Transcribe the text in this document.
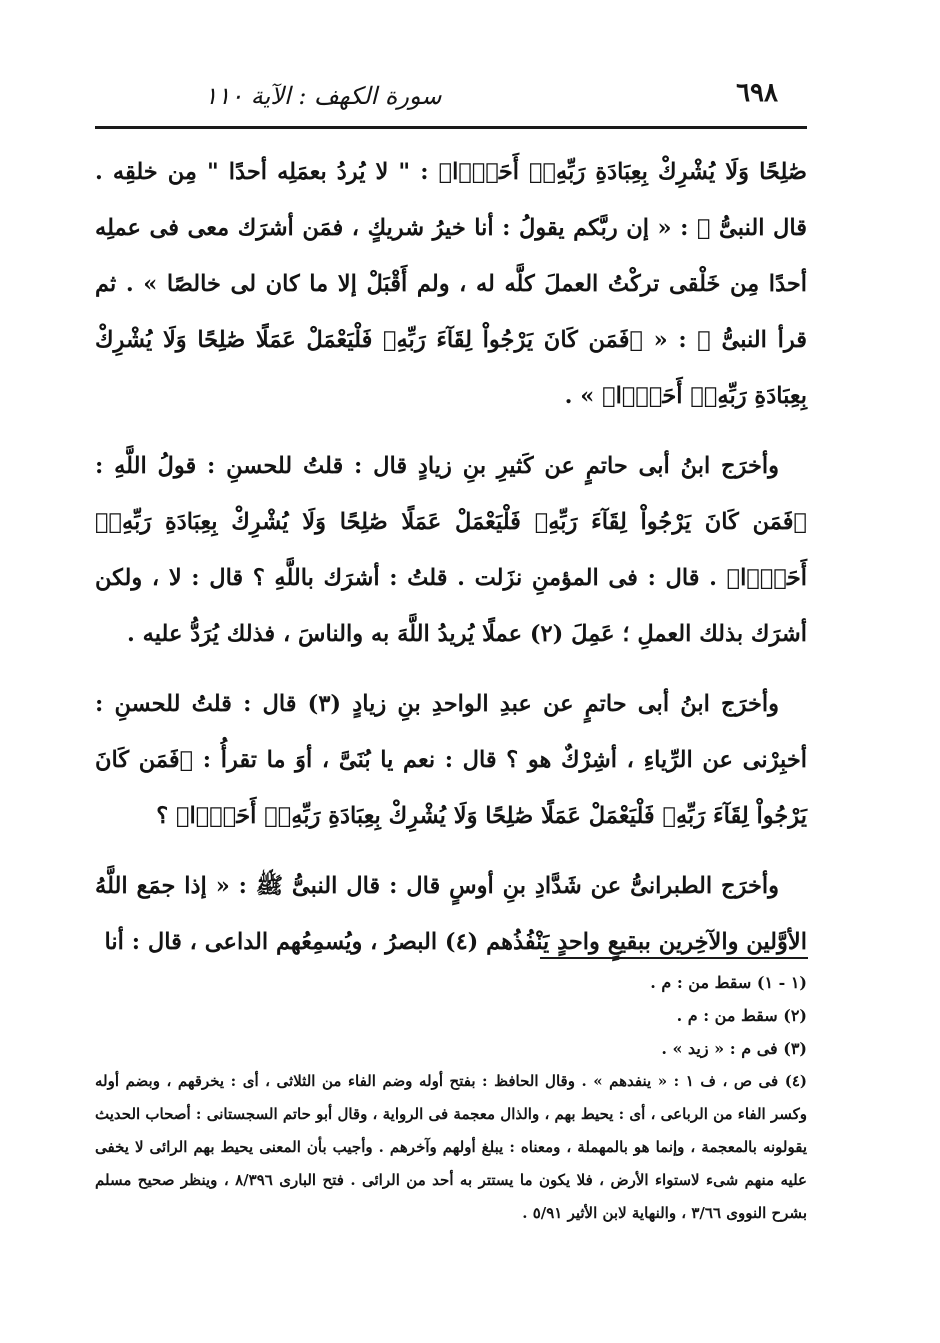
٦٩٨
سورة الكهف : الآية ١١٠

صَٰلِحًا وَلَا يُشْرِكْ بِعِبَادَةِ رَبِّهِۦٓ أَحَدَۢا﴾ : " لا يُردُ بعمَلِه أحدًا " مِن خلقِه . قال النبىُّ ﷺ : « إن ربَّكم يقولُ : أنا خيرُ شريكٍ ، فمَن أشرَك معى فى عملِه أحدًا مِن خَلْقى تركْتُ العملَ كلَّه له ، ولم أَقْبَلْ إلا ما كان لى خالصًا » . ثم قرأ النبىُّ ﷺ : « ﴿فَمَن كَانَ يَرْجُواْ لِقَآءَ رَبِّهِۦ فَلْيَعْمَلْ عَمَلًا صَٰلِحًا وَلَا يُشْرِكْ بِعِبَادَةِ رَبِّهِۦٓ أَحَدَۢا﴾ » .

وأخرَج ابنُ أبى حاتمٍ عن كَثيرِ بنِ زيادٍ قال : قلتُ للحسنِ : قولُ اللَّهِ : ﴿فَمَن كَانَ يَرْجُواْ لِقَآءَ رَبِّهِۦ فَلْيَعْمَلْ عَمَلًا صَٰلِحًا وَلَا يُشْرِكْ بِعِبَادَةِ رَبِّهِۦٓ أَحَدَۢا﴾ . قال : فى المؤمنِ نزَلت . قلتُ : أشرَك باللَّهِ ؟ قال : لا ، ولكن أشرَك بذلك العملِ ؛ عَمِلَ (٢) عملًا يُريدُ اللَّهَ به والناسَ ، فذلك يُرَدُّ عليه .

وأخرَج ابنُ أبى حاتمٍ عن عبدِ الواحدِ بنِ زيادٍ (٣) قال : قلتُ للحسنِ : أخبِرْنى عن الرِّياءِ ، أشِرْكٌ هو ؟ قال : نعم يا بُنَىَّ ، أوَ ما تقرأُ : ﴿فَمَن كَانَ يَرْجُواْ لِقَآءَ رَبِّهِۦ فَلْيَعْمَلْ عَمَلًا صَٰلِحًا وَلَا يُشْرِكْ بِعِبَادَةِ رَبِّهِۦٓ أَحَدَۢا﴾ ؟

وأخرَج الطبرانىُّ عن شَدَّادِ بنِ أوسٍ قال : قال النبىُّ ﷺ : « إذا جمَع اللَّهُ الأوَّلين والآخِرين ببقيعٍ واحدٍ يَنْفُذُهم (٤) البصرُ ، ويُسمِعُهم الداعى ، قال : أنا

(١ - ١) سقط من : م .

(٢) سقط من : م .

(٣) فى م : « زيد » .

(٤) فى ص ، ف ١ : « ينفدهم » . وقال الحافظ : بفتح أوله وضم الفاء من الثلاثى ، أى : يخرقهم ، وبضم أوله وكسر الفاء من الرباعى ، أى : يحيط بهم ، والذال معجمة فى الرواية ، وقال أبو حاتم السجستانى : أصحاب الحديث يقولونه بالمعجمة ، وإنما هو بالمهملة ، ومعناه : يبلغ أولهم وآخرهم . وأجيب بأن المعنى يحيط بهم الرائى لا يخفى عليه منهم شىء لاستواء الأرض ، فلا يكون ما يستتر به أحد من الرائى . فتح البارى ٨/٣٩٦ ، وينظر صحيح مسلم بشرح النووى ٣/٦٦ ، والنهاية لابن الأثير ٥/٩١ .
